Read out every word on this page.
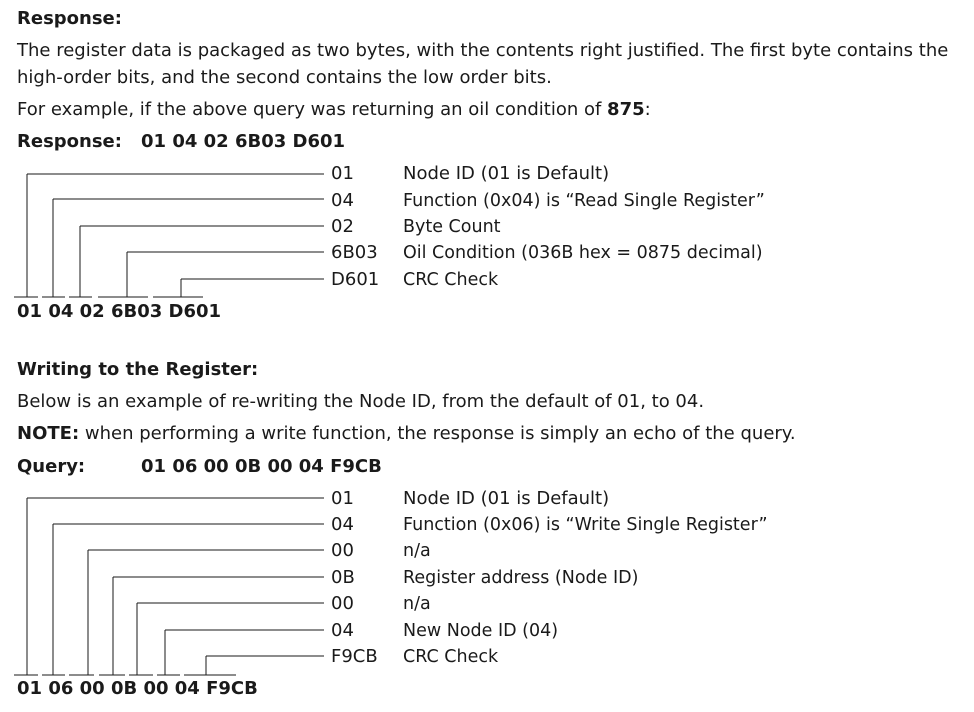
Response:
The register data is packaged as two bytes, with the contents right justified. The first byte contains the
high-order bits, and the second contains the low order bits.
For example, if the above query was returning an oil condition of 875:
Response: 01 04 02 6B03 D601
01	Node ID (01 is Default)
04	Function (0x04) is “Read Single Register”
02	Byte Count
6B03 Oil Condition (036B hex = 0875 decimal)
D601 CRC Check
01 04 02 6B03 D601
Writing to the Register:
Below is an example of re-writing the Node ID, from the default of 01, to 04.
NOTE: when performing a write function, the response is simply an echo of the query.
Query:	01 06 00 0B 00 04 F9CB
01	Node ID (01 is Default)
04	Function (0x06) is “Write Single Register”
00	n/a
0B	Register address (Node ID)
00	n/a
04	New Node ID (04)
F9CB CRC Check
01 06 00 0B 00 04 F9CB
